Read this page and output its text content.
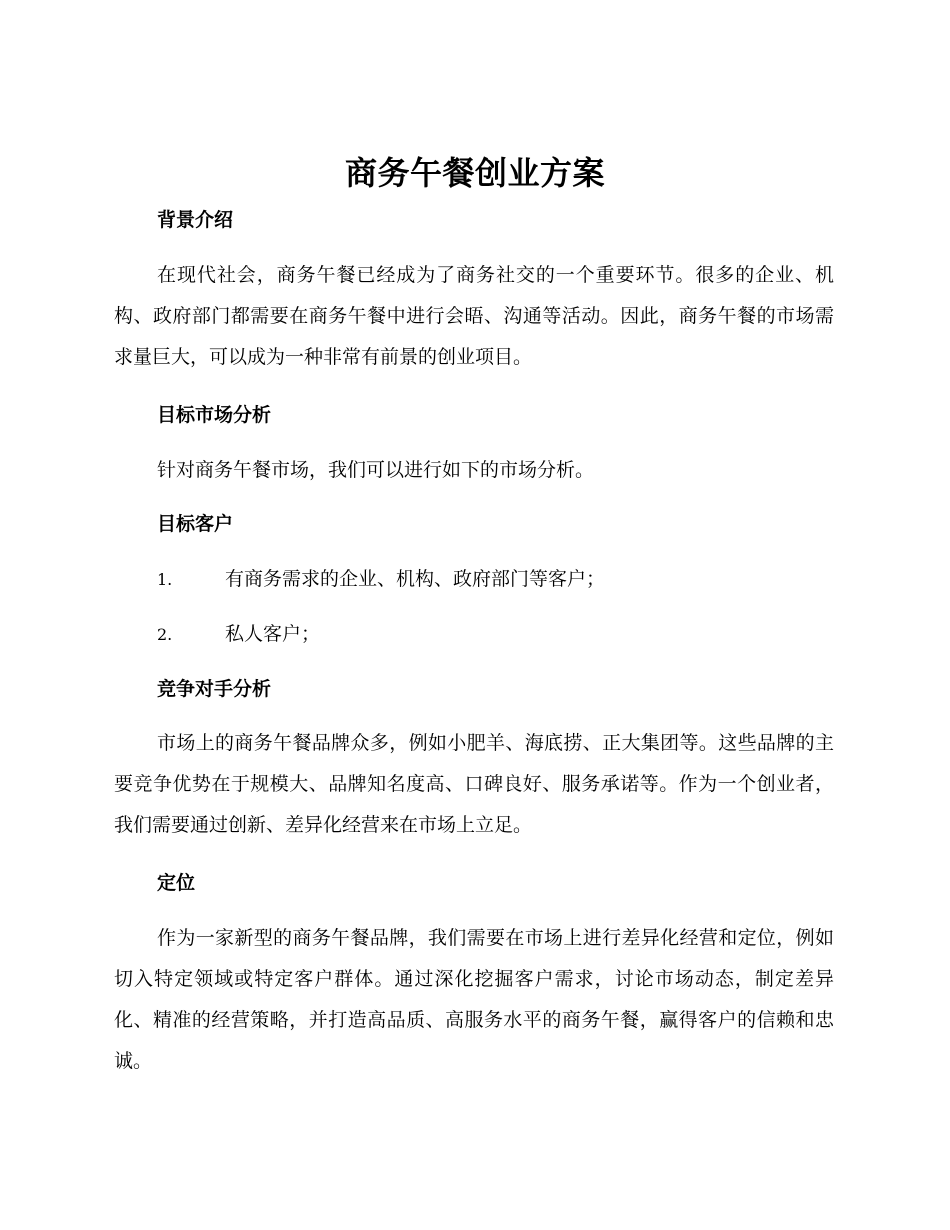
商务午餐创业方案
背景介绍

在现代社会，商务午餐已经成为了商务社交的一个重要环节。很多的企业、机构、政府部门都需要在商务午餐中进行会晤、沟通等活动。因此，商务午餐的市场需求量巨大，可以成为一种非常有前景的创业项目。

目标市场分析

针对商务午餐市场，我们可以进行如下的市场分析。

目标客户
1.	有商务需求的企业、机构、政府部门等客户；
2.	私人客户；
竞争对手分析

市场上的商务午餐品牌众多，例如小肥羊、海底捞、正大集团等。这些品牌的主要竞争优势在于规模大、品牌知名度高、口碑良好、服务承诺等。作为一个创业者，我们需要通过创新、差异化经营来在市场上立足。

定位

作为一家新型的商务午餐品牌，我们需要在市场上进行差异化经营和定位，例如切入特定领域或特定客户群体。通过深化挖掘客户需求，讨论市场动态，制定差异化、精准的经营策略，并打造高品质、高服务水平的商务午餐，赢得客户的信赖和忠诚。
